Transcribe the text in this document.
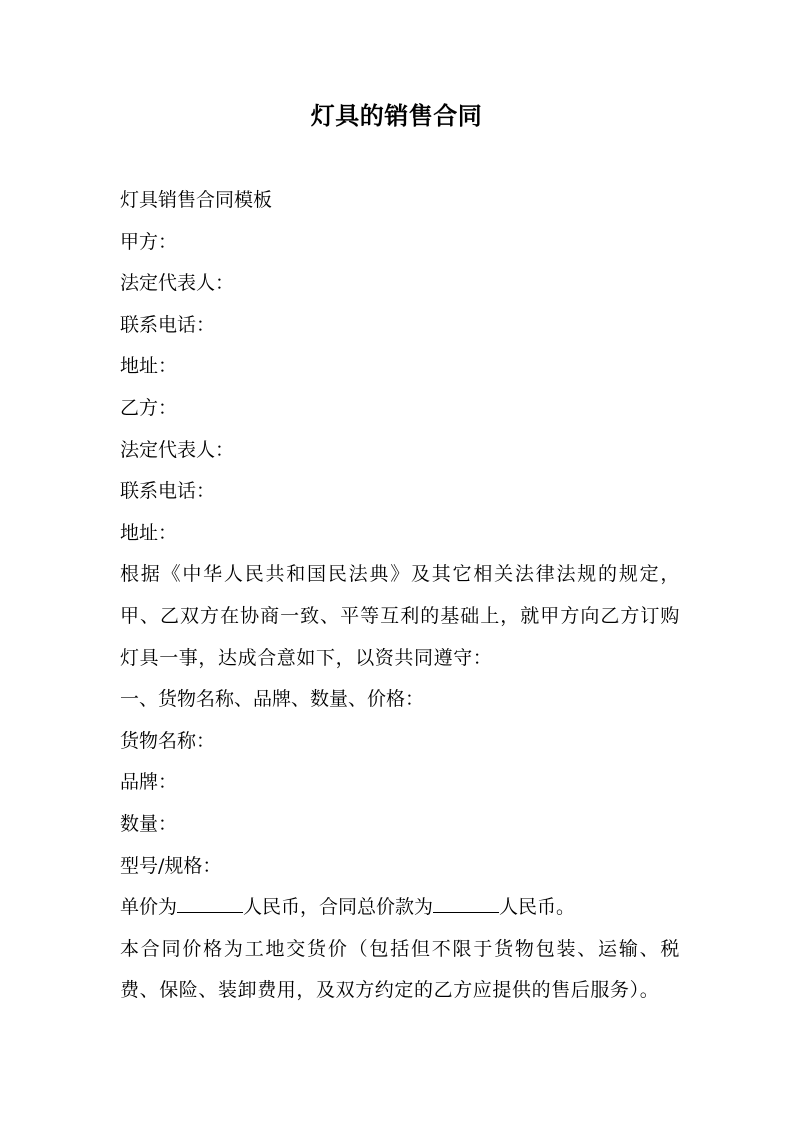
灯具的销售合同
灯具销售合同模板
甲方：
法定代表人：
联系电话：
地址：
乙方：
法定代表人：
联系电话：
地址：
根据《中华人民共和国民法典》及其它相关法律法规的规定，甲、乙双方在协商一致、平等互利的基础上，就甲方向乙方订购灯具一事，达成合意如下，以资共同遵守：
一、货物名称、品牌、数量、价格：
货物名称：
品牌：
数量：
型号/规格：
单价为	人民币，合同总价款为	人民币。
本合同价格为工地交货价（包括但不限于货物包装、运输、税费、保险、装卸费用，及双方约定的乙方应提供的售后服务）。
